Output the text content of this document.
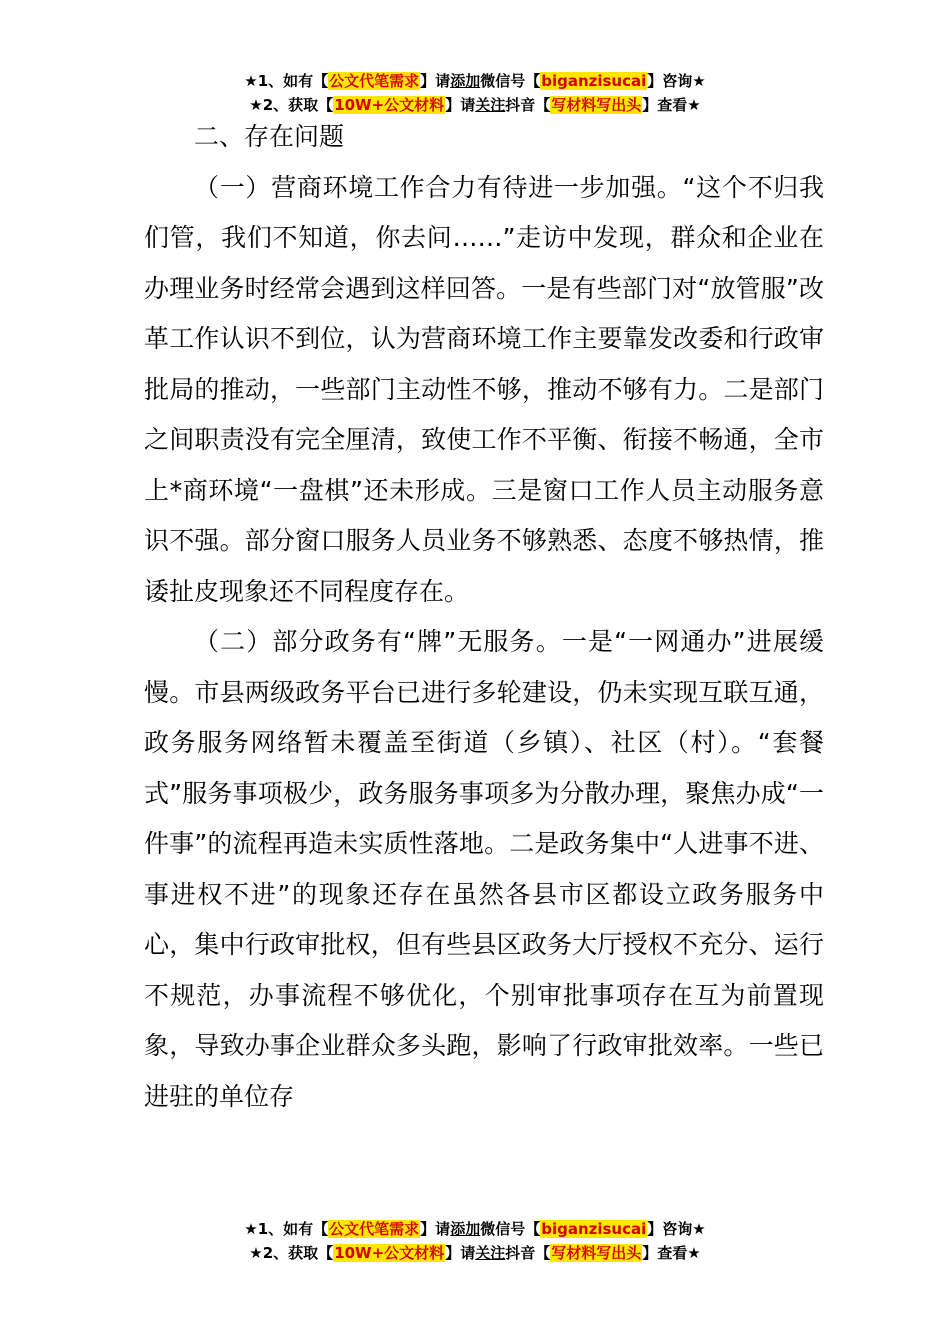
★1、如有【公文代笔需求】请添加微信号【biganzisucai】咨询★
★2、获取【10W+公文材料】请关注抖音【写材料写出头】查看★

二、存在问题

（一）营商环境工作合力有待进一步加强。“这个不归我们管，我们不知道，你去问……”走访中发现，群众和企业在办理业务时经常会遇到这样回答。一是有些部门对“放管服”改革工作认识不到位，认为营商环境工作主要靠发改委和行政审批局的推动，一些部门主动性不够，推动不够有力。二是部门之间职责没有完全厘清，致使工作不平衡、衔接不畅通，全市上*商环境“一盘棋”还未形成。三是窗口工作人员主动服务意识不强。部分窗口服务人员业务不够熟悉、态度不够热情，推诿扯皮现象还不同程度存在。

（二）部分政务有“牌”无服务。一是“一网通办”进展缓慢。市县两级政务平台已进行多轮建设，仍未实现互联互通，政务服务网络暂未覆盖至街道（乡镇）、社区（村）。“套餐式”服务事项极少，政务服务事项多为分散办理，聚焦办成“一件事”的流程再造未实质性落地。二是政务集中“人进事不进、事进权不进”的现象还存在虽然各县市区都设立政务服务中心，集中行政审批权，但有些县区政务大厅授权不充分、运行不规范，办事流程不够优化，个别审批事项存在互为前置现象，导致办事企业群众多头跑，影响了行政审批效率。一些已进驻的单位存

★1、如有【公文代笔需求】请添加微信号【biganzisucai】咨询★
★2、获取【10W+公文材料】请关注抖音【写材料写出头】查看★
